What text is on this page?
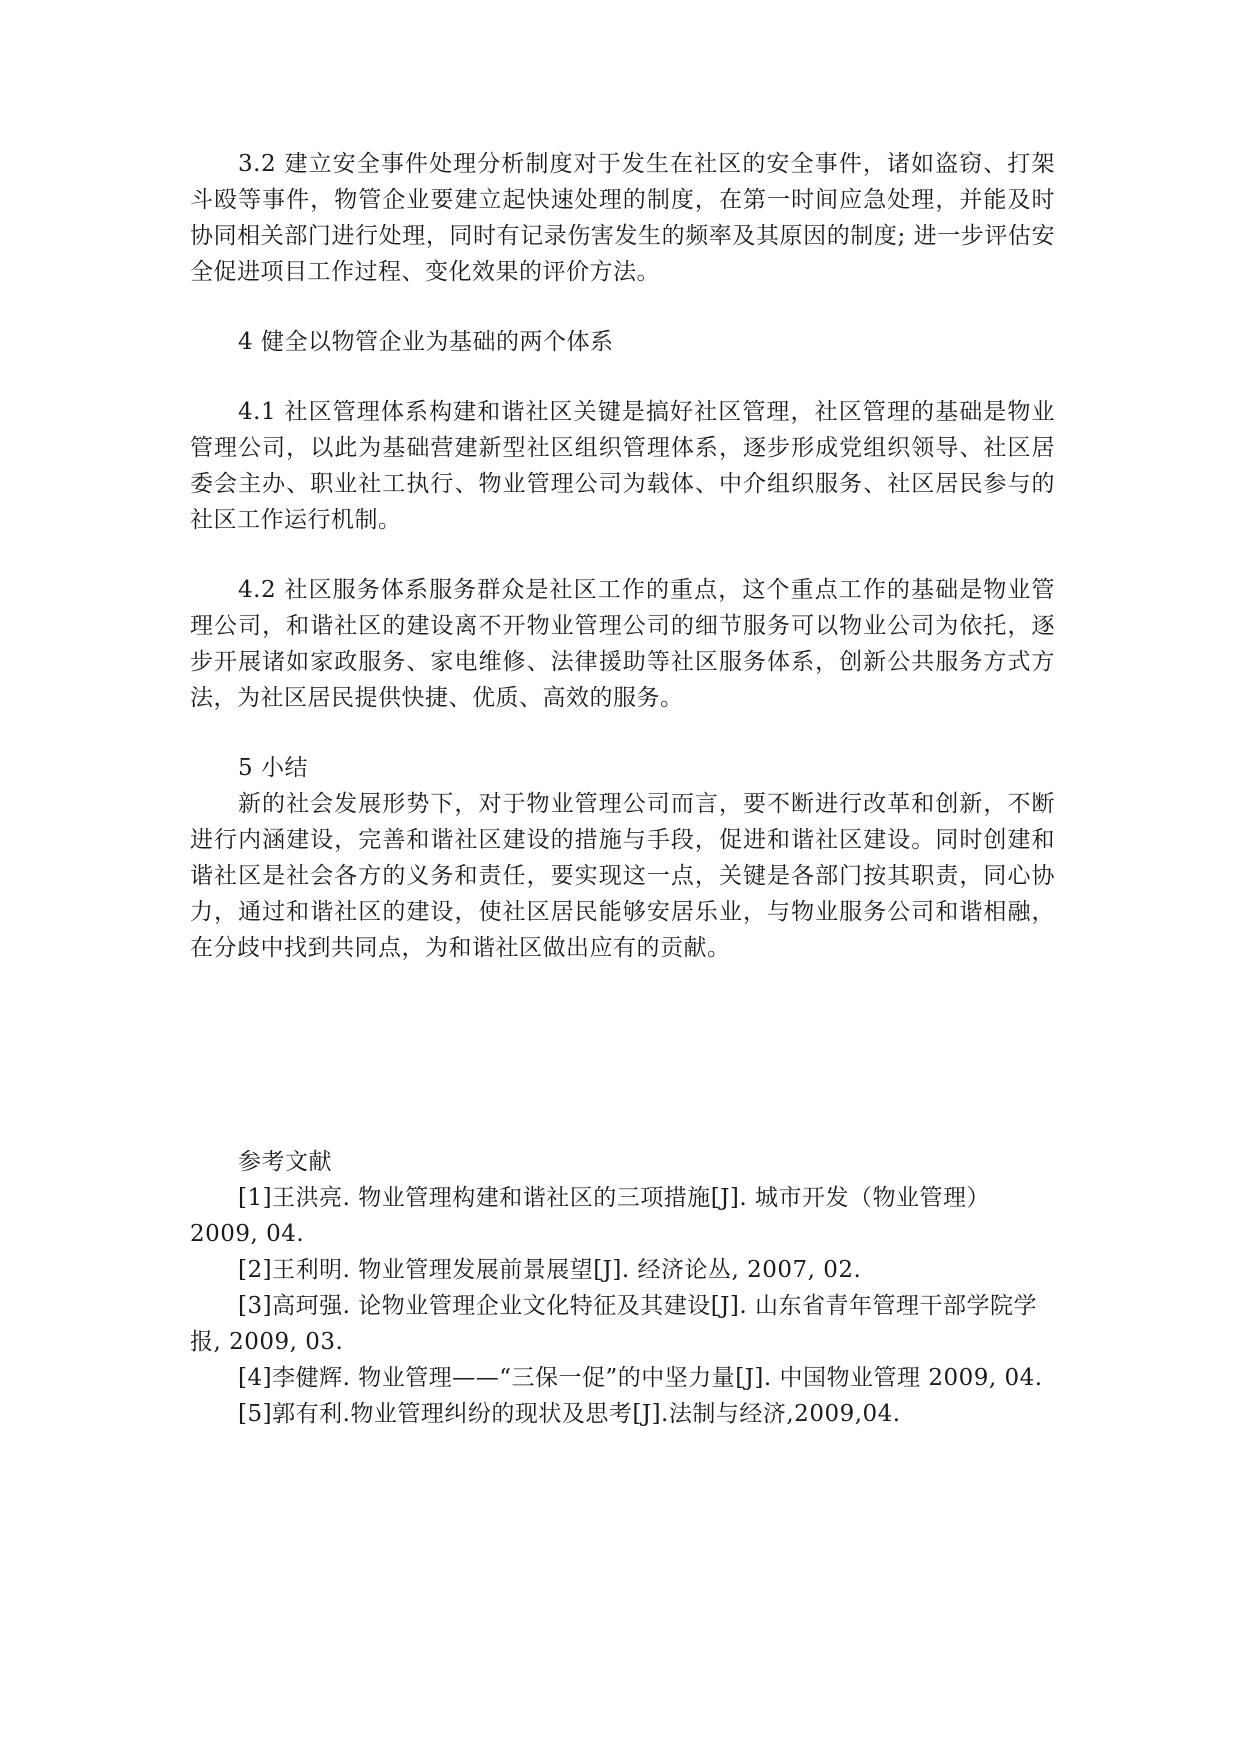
3.2 建立安全事件处理分析制度对于发生在社区的安全事件，诸如盗窃、打架斗殴等事件，物管企业要建立起快速处理的制度，在第一时间应急处理，并能及时协同相关部门进行处理，同时有记录伤害发生的频率及其原因的制度; 进一步评估安全促进项目工作过程、变化效果的评价方法。

4 健全以物管企业为基础的两个体系

4.1 社区管理体系构建和谐社区关键是搞好社区管理，社区管理的基础是物业管理公司，以此为基础营建新型社区组织管理体系，逐步形成党组织领导、社区居委会主办、职业社工执行、物业管理公司为载体、中介组织服务、社区居民参与的社区工作运行机制。

4.2 社区服务体系服务群众是社区工作的重点，这个重点工作的基础是物业管理公司，和谐社区的建设离不开物业管理公司的细节服务可以物业公司为依托，逐步开展诸如家政服务、家电维修、法律援助等社区服务体系，创新公共服务方式方法，为社区居民提供快捷、优质、高效的服务。

5 小结

新的社会发展形势下，对于物业管理公司而言，要不断进行改革和创新，不断进行内涵建设，完善和谐社区建设的措施与手段，促进和谐社区建设。同时创建和谐社区是社会各方的义务和责任，要实现这一点，关键是各部门按其职责，同心协力，通过和谐社区的建设，使社区居民能够安居乐业，与物业服务公司和谐相融，在分歧中找到共同点，为和谐社区做出应有的贡献。

参考文献

[1]王洪亮. 物业管理构建和谐社区的三项措施[J]. 城市开发（物业管理）2009, 04.

[2]王利明. 物业管理发展前景展望[J]. 经济论丛, 2007, 02.

[3]高珂强. 论物业管理企业文化特征及其建设[J]. 山东省青年管理干部学院学报, 2009, 03.

[4]李健辉. 物业管理——“三保一促”的中坚力量[J]. 中国物业管理 2009, 04.

[5]郭有利.物业管理纠纷的现状及思考[J].法制与经济,2009,04.
